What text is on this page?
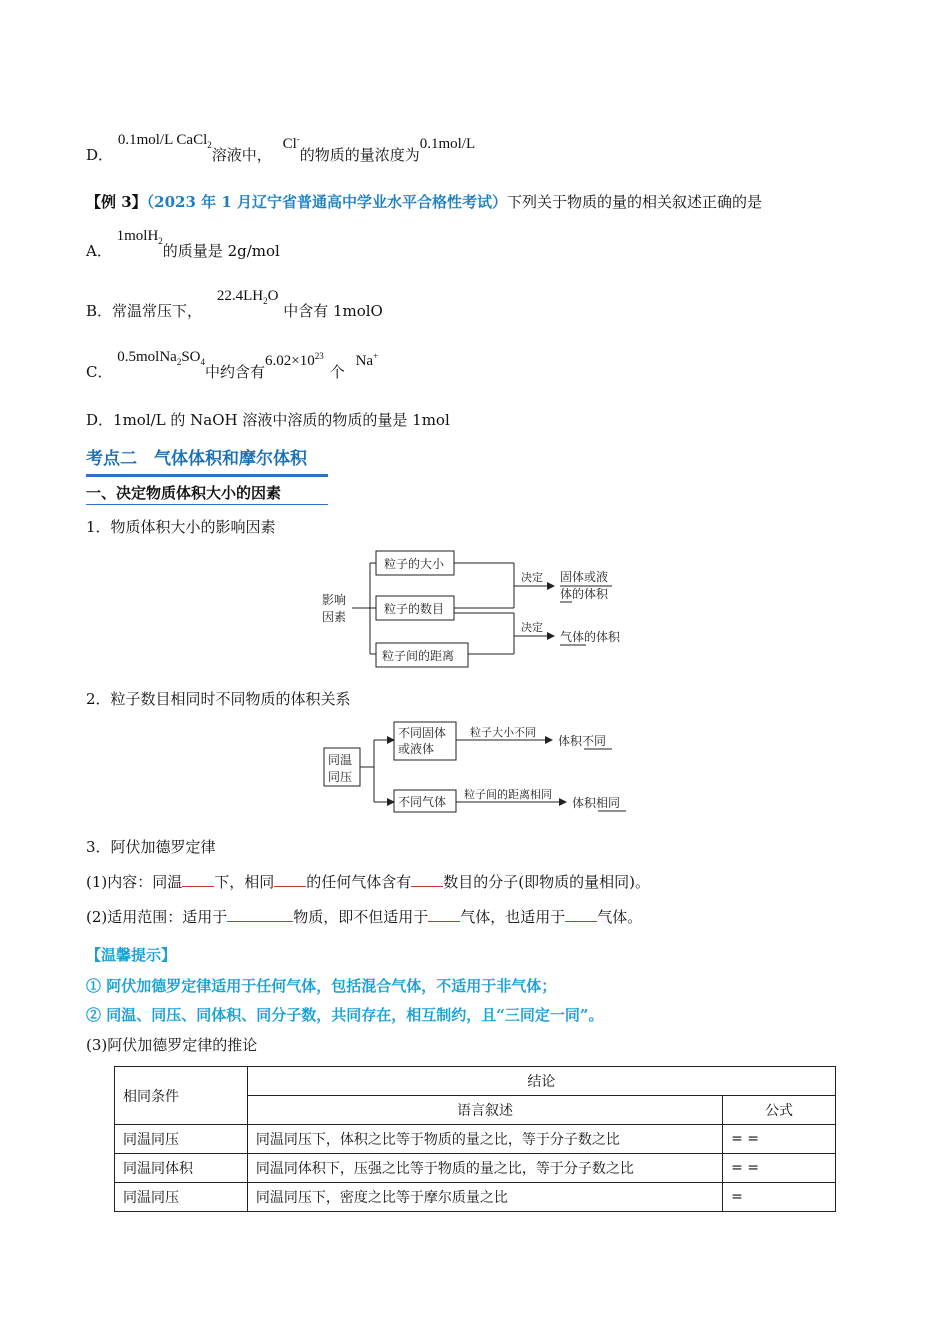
D． 0.1mol/L CaCl$_2$溶液中， Cl-的物质的量浓度为0.1mol/L
【例 3】（2023 年 1 月辽宁省普通高中学业水平合格性考试）下列关于物质的量的相关叙述正确的是
A． 1molH$_2$的质量是 2g/mol
B．常温常压下， $22.4LH_2O$ 中含有 1molO
C． $0.5molNa_2SO_4$中约含有$6.02\times 10^{23}$个 Na+
D．1mol/L 的 NaOH 溶液中溶质的物质的量是 1mol
考点二　气体体积和摩尔体积
一、决定物质体积大小的因素
1．物质体积大小的影响因素
影响
因素
粒子的大小
粒子的数目
粒子间的距离
决定
决定
固体或液
体的体积
气体的体积
2．粒子数目相同时不同物质的体积关系
同温
同压
不同固体
或液体
不同气体
粒子大小不同
粒子间的距离相同
体积不同
体积相同
3．阿伏加德罗定律
(1)内容：同温 下，相同 的任何气体含有 数目的分子(即物质的量相同)。
(2)适用范围：适用于	物质，即不但适用于 气体，也适用于 气体。
【温馨提示】
① 阿伏加德罗定律适用于任何气体，包括混合气体，不适用于非气体；
② 同温、同压、同体积、同分子数，共同存在，相互制约，且“三同定一同”。
(3)阿伏加德罗定律的推论
相同条件	结论	
	语言叙述	公式
同温同压	同温同压下，体积之比等于物质的量之比，等于分子数之比	= =
同温同体积	同温同体积下，压强之比等于物质的量之比，等于分子数之比	= =
同温同压	同温同压下，密度之比等于摩尔质量之比	=
